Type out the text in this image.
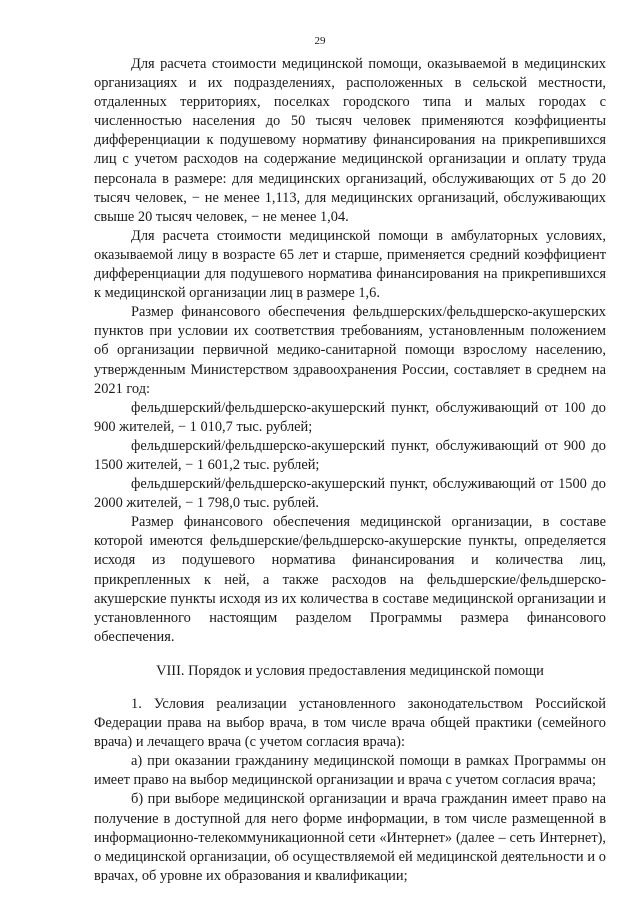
29

Для расчета стоимости медицинской помощи, оказываемой в медицинских организациях и их подразделениях, расположенных в сельской местности, отдаленных территориях, поселках городского типа и малых городах с численностью населения до 50 тысяч человек применяются коэффициенты дифференциации к подушевому нормативу финансирования на прикрепившихся лиц с учетом расходов на содержание медицинской организации и оплату труда персонала в размере: для медицинских организаций, обслуживающих от 5 до 20 тысяч человек, − не менее 1,113, для медицинских организаций, обслуживающих свыше 20 тысяч человек, − не менее 1,04.

Для расчета стоимости медицинской помощи в амбулаторных условиях, оказываемой лицу в возрасте 65 лет и старше, применяется средний коэффициент дифференциации для подушевого норматива финансирования на прикрепившихся к медицинской организации лиц в размере 1,6.

Размер финансового обеспечения фельдшерских/фельдшерско-акушерских пунктов при условии их соответствия требованиям, установленным положением об организации первичной медико-санитарной помощи взрослому населению, утвержденным Министерством здравоохранения России, составляет в среднем на 2021 год:

фельдшерский/фельдшерско-акушерский пункт, обслуживающий от 100 до 900 жителей, − 1 010,7 тыс. рублей;

фельдшерский/фельдшерско-акушерский пункт, обслуживающий от 900 до 1500 жителей, − 1 601,2 тыс. рублей;

фельдшерский/фельдшерско-акушерский пункт, обслуживающий от 1500 до 2000 жителей, − 1 798,0 тыс. рублей.

Размер финансового обеспечения медицинской организации, в составе которой имеются фельдшерские/фельдшерско-акушерские пункты, определяется исходя из подушевого норматива финансирования и количества лиц, прикрепленных к ней, а также расходов на фельдшерские/фельдшерско-акушерские пункты исходя из их количества в составе медицинской организации и установленного настоящим разделом Программы размера финансового обеспечения.

VIII. Порядок и условия предоставления медицинской помощи

1. Условия реализации установленного законодательством Российской Федерации права на выбор врача, в том числе врача общей практики (семейного врача) и лечащего врача (с учетом согласия врача):

а) при оказании гражданину медицинской помощи в рамках Программы он имеет право на выбор медицинской организации и врача с учетом согласия врача;

б) при выборе медицинской организации и врача гражданин имеет право на получение в доступной для него форме информации, в том числе размещенной в информационно-телекоммуникационной сети «Интернет» (далее – сеть Интернет), о медицинской организации, об осуществляемой ей медицинской деятельности и о врачах, об уровне их образования и квалификации;
